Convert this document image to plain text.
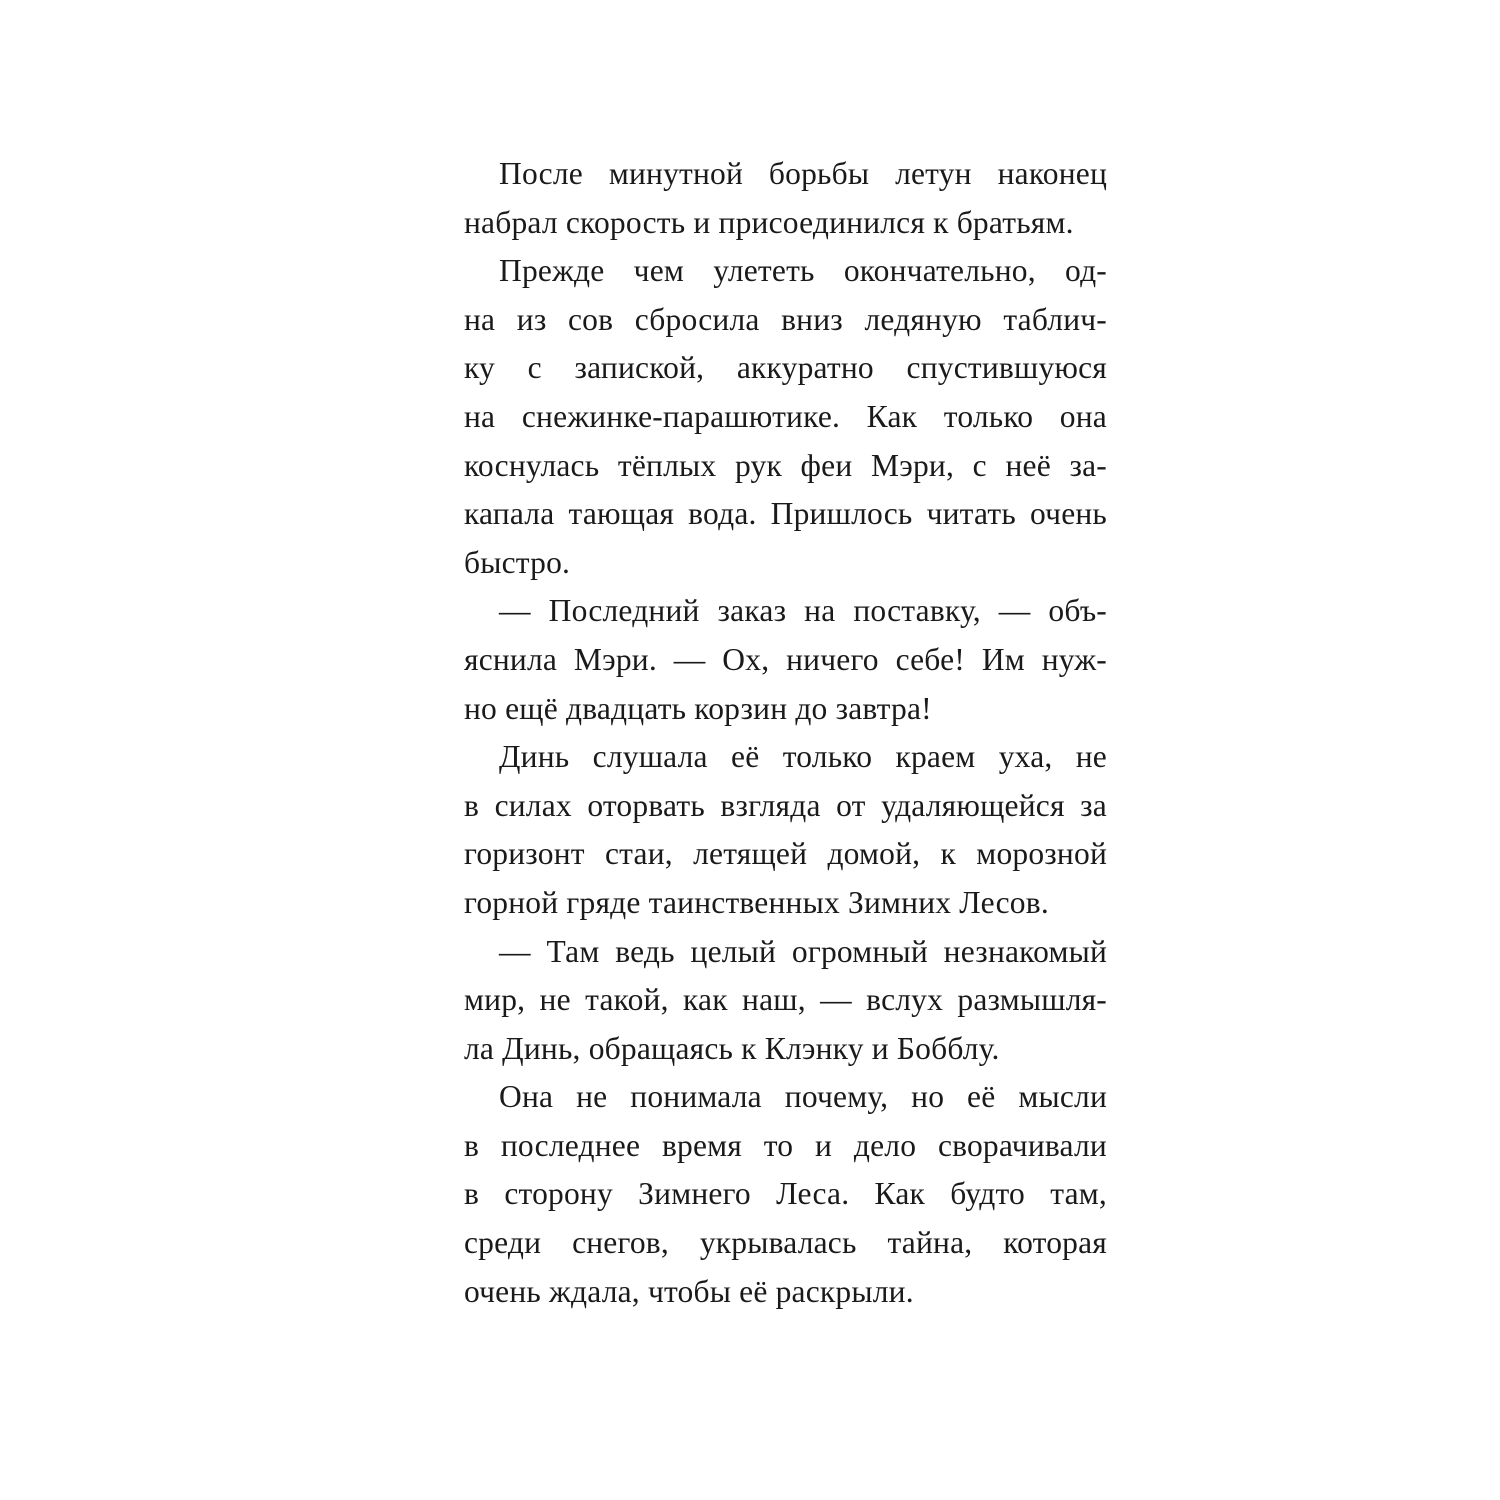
После минутной борьбы летун наконец
набрал скорость и присоединился к братьям.

Прежде чем улететь окончательно, од-
на из сов сбросила вниз ледяную таблич-
ку с запиской, аккуратно спустившуюся
на снежинке-парашютике. Как только она
коснулась тёплых рук феи Мэри, с неё за-
капала тающая вода. Пришлось читать очень
быстро.

— Последний заказ на поставку, — объ-
яснила Мэри. — Ох, ничего себе! Им нуж-
но ещё двадцать корзин до завтра!

Динь слушала её только краем уха, не
в силах оторвать взгляда от удаляющейся за
горизонт стаи, летящей домой, к морозной
горной гряде таинственных Зимних Лесов.

— Там ведь целый огромный незнакомый
мир, не такой, как наш, — вслух размышля-
ла Динь, обращаясь к Клэнку и Бобблу.

Она не понимала почему, но её мысли
в последнее время то и дело сворачивали
в сторону Зимнего Леса. Как будто там,
среди снегов, укрывалась тайна, которая
очень ждала, чтобы её раскрыли.
